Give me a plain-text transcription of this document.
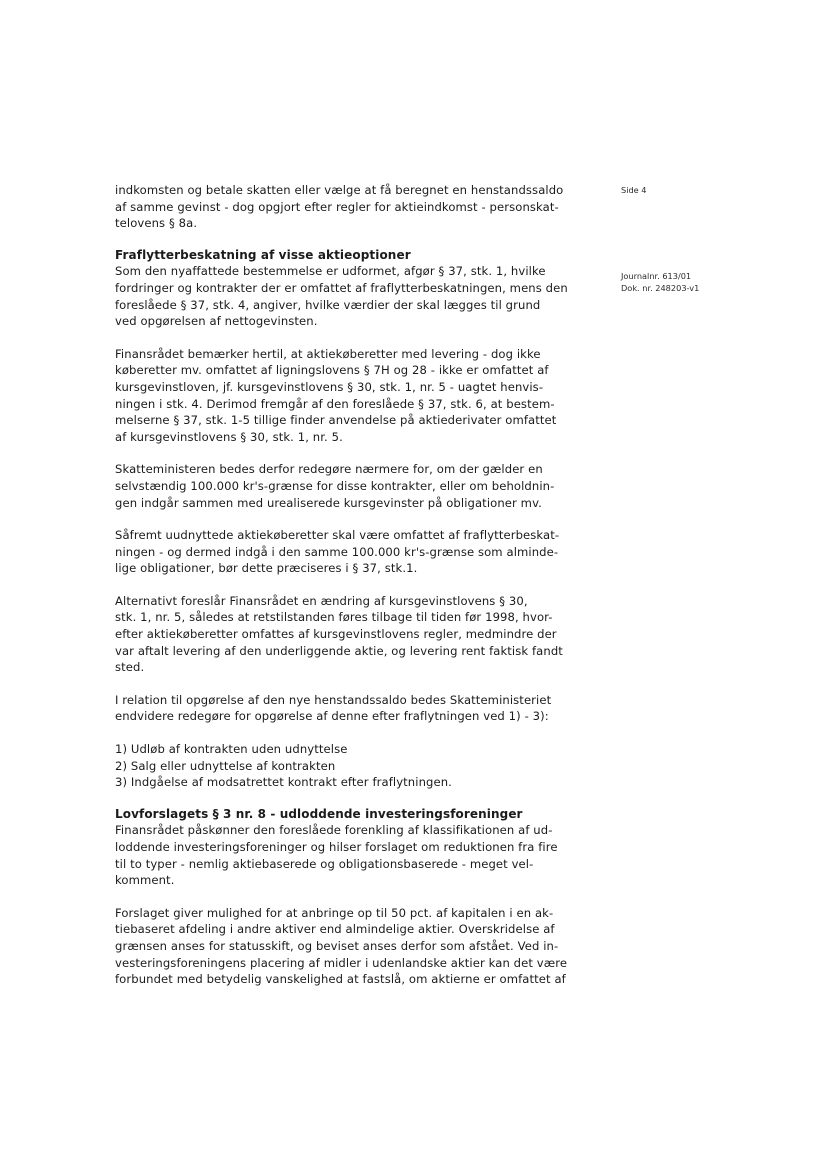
Side 4
Journalnr. 613/01
Dok. nr. 248203-v1
indkomsten og betale skatten eller vælge at få beregnet en henstandssaldo
af samme gevinst - dog opgjort efter regler for aktieindkomst - personskat-
telovens § 8a.
Fraflytterbeskatning af visse aktieoptioner
Som den nyaffattede bestemmelse er udformet, afgør § 37, stk. 1, hvilke
fordringer og kontrakter der er omfattet af fraflytterbeskatningen, mens den
foreslåede § 37, stk. 4, angiver, hvilke værdier der skal lægges til grund
ved opgørelsen af nettogevinsten.
Finansrådet bemærker hertil, at aktiekøberetter med levering - dog ikke
køberetter mv. omfattet af ligningslovens § 7H og 28 - ikke er omfattet af
kursgevinstloven, jf. kursgevinstlovens § 30, stk. 1, nr. 5 - uagtet henvis-
ningen i stk. 4. Derimod fremgår af den foreslåede § 37, stk. 6, at bestem-
melserne § 37, stk. 1-5 tillige finder anvendelse på aktiederivater omfattet
af kursgevinstlovens § 30, stk. 1, nr. 5.
Skatteministeren bedes derfor redegøre nærmere for, om der gælder en
selvstændig 100.000 kr's-grænse for disse kontrakter, eller om beholdnin-
gen indgår sammen med urealiserede kursgevinster på obligationer mv.
Såfremt uudnyttede aktiekøberetter skal være omfattet af fraflytterbeskat-
ningen - og dermed indgå i den samme 100.000 kr's-grænse som alminde-
lige obligationer, bør dette præciseres i § 37, stk.1.
Alternativt foreslår Finansrådet en ændring af kursgevinstlovens § 30,
stk. 1, nr. 5, således at retstilstanden føres tilbage til tiden før 1998, hvor-
efter aktiekøberetter omfattes af kursgevinstlovens regler, medmindre der
var aftalt levering af den underliggende aktie, og levering rent faktisk fandt
sted.
I relation til opgørelse af den nye henstandssaldo bedes Skatteministeriet
endvidere redegøre for opgørelse af denne efter fraflytningen ved 1) - 3):
1) Udløb af kontrakten uden udnyttelse
2) Salg eller udnyttelse af kontrakten
3) Indgåelse af modsatrettet kontrakt efter fraflytningen.
Lovforslagets § 3 nr. 8 - udloddende investeringsforeninger
Finansrådet påskønner den foreslåede forenkling af klassifikationen af ud-
loddende investeringsforeninger og hilser forslaget om reduktionen fra fire
til to typer - nemlig aktiebaserede og obligationsbaserede - meget vel-
komment.
Forslaget giver mulighed for at anbringe op til 50 pct. af kapitalen i en ak-
tiebaseret afdeling i andre aktiver end almindelige aktier. Overskridelse af
grænsen anses for statusskift, og beviset anses derfor som afstået. Ved in-
vesteringsforeningens placering af midler i udenlandske aktier kan det være
forbundet med betydelig vanskelighed at fastslå, om aktierne er omfattet af
